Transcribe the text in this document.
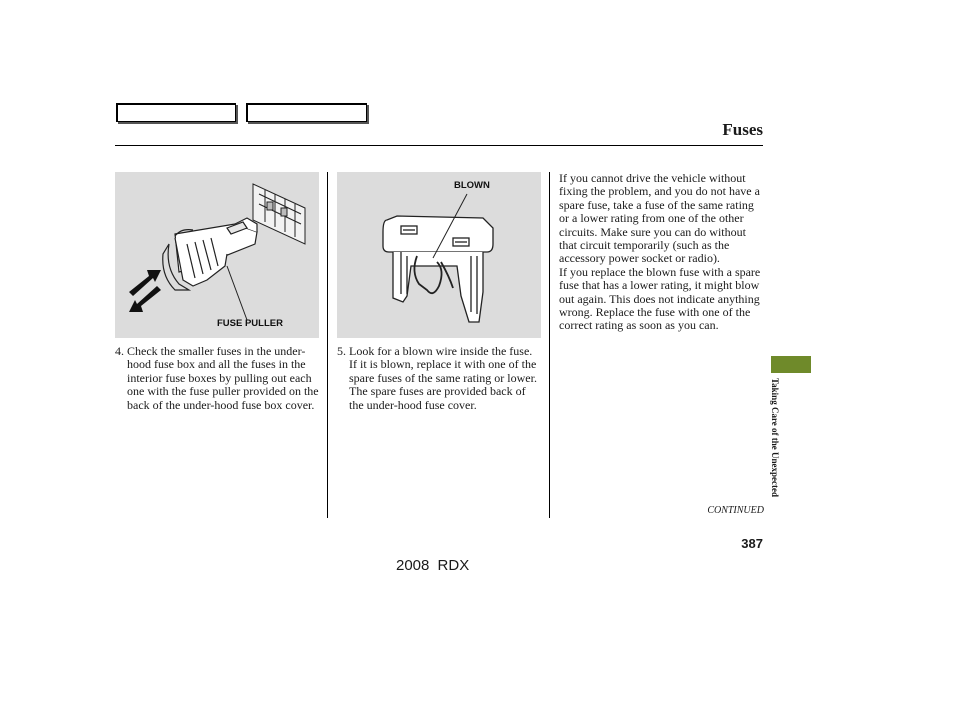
Fuses
FUSE PULLER
BLOWN
4. Check the smaller fuses in the under-hood fuse box and all the fuses in the interior fuse boxes by pulling out each one with the fuse puller provided on the back of the under-hood fuse box cover.
5. Look for a blown wire inside the fuse. If it is blown, replace it with one of the spare fuses of the same rating or lower. The spare fuses are provided back of the under-hood fuse cover.
If you cannot drive the vehicle without fixing the problem, and you do not have a spare fuse, take a fuse of the same rating or a lower rating from one of the other circuits. Make sure you can do without that circuit temporarily (such as the accessory power socket or radio).
If you replace the blown fuse with a spare fuse that has a lower rating, it might blow out again. This does not indicate anything wrong. Replace the fuse with one of the correct rating as soon as you can.
CONTINUED
387
2008 RDX
Taking Care of the Unexpected
